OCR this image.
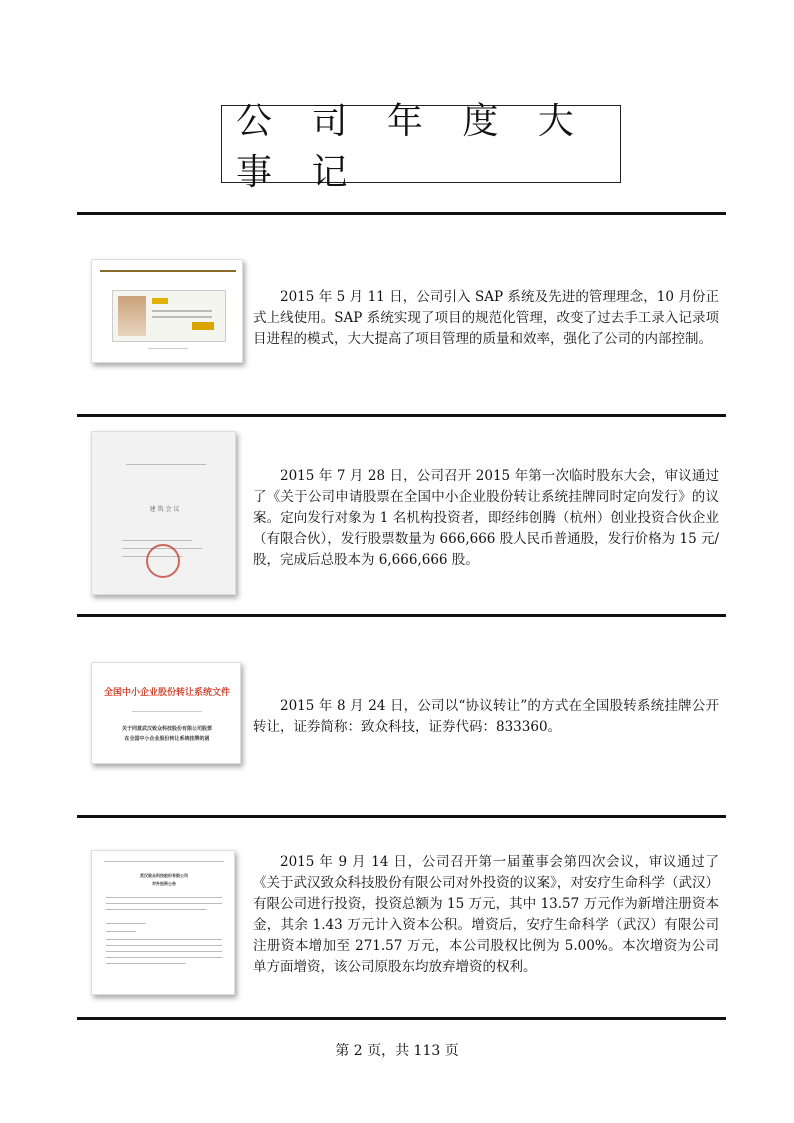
公 司 年 度 大 事 记
2015 年 5 月 11 日，公司引入 SAP 系统及先进的管理理念，10 月份正式上线使用。SAP 系统实现了项目的规范化管理，改变了过去手工录入记录项目进程的模式，大大提高了项目管理的质量和效率，强化了公司的内部控制。
建 筑 会 议
2015 年 7 月 28 日，公司召开 2015 年第一次临时股东大会，审议通过了《关于公司申请股票在全国中小企业股份转让系统挂牌同时定向发行》的议案。定向发行对象为 1 名机构投资者，即经纬创腾（杭州）创业投资合伙企业（有限合伙），发行股票数量为 666,666 股人民币普通股，发行价格为 15 元/股，完成后总股本为 6,666,666 股。
全国中小企业股份转让系统文件
关于同意武汉致众科技股份有限公司股票
在全国中小企业股份转让系统挂牌的函
2015 年 8 月 24 日，公司以“协议转让”的方式在全国股转系统挂牌公开转让，证券简称：致众科技，证券代码：833360。
武汉致众科技股份有限公司
对外投资公告
2015 年 9 月 14 日，公司召开第一届董事会第四次会议，审议通过了《关于武汉致众科技股份有限公司对外投资的议案》，对安疗生命科学（武汉）有限公司进行投资，投资总额为 15 万元，其中 13.57 万元作为新增注册资本金，其余 1.43 万元计入资本公积。增资后，安疗生命科学（武汉）有限公司注册资本增加至 271.57 万元，本公司股权比例为 5.00%。本次增资为公司单方面增资，该公司原股东均放弃增资的权利。
第 2 页，共 113 页
